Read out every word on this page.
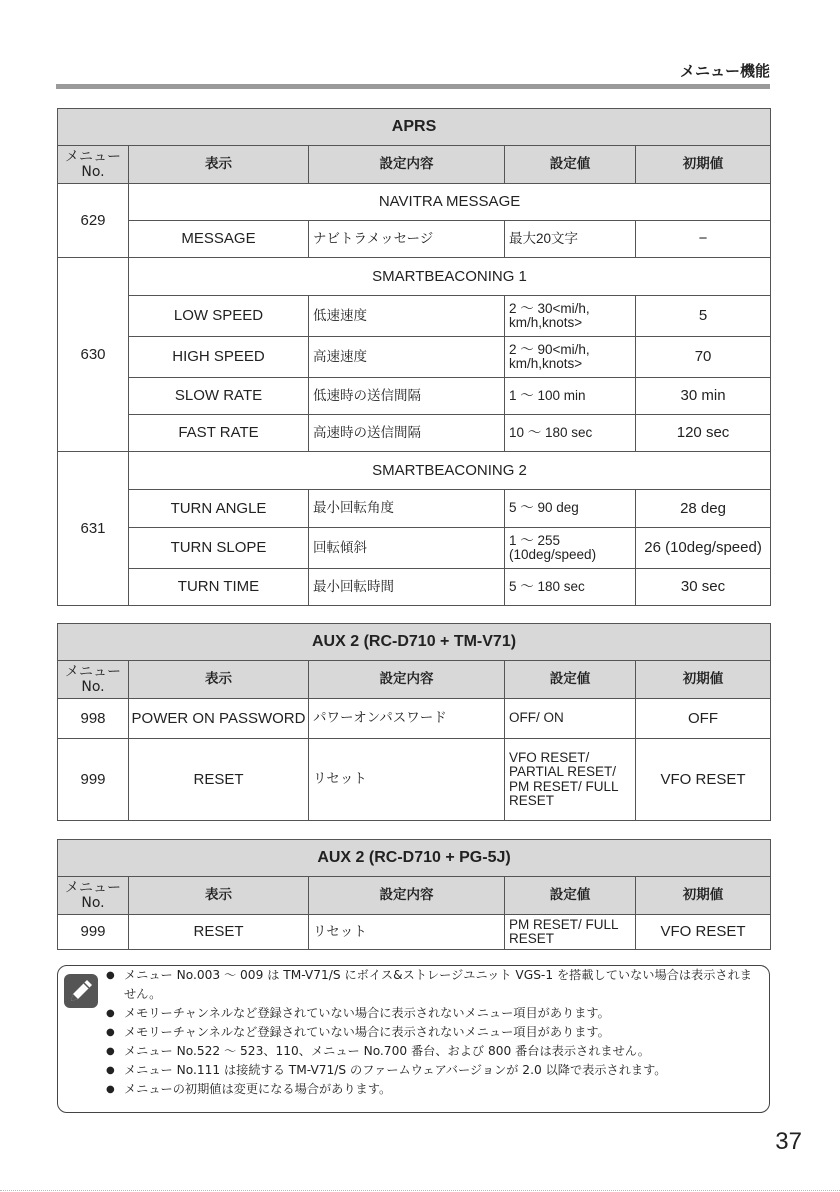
メニュー機能
APRS				
メニュー No.	表示	設定内容	設定値	初期値
629	NAVITRA MESSAGE			
	MESSAGE	ナビトラメッセージ	最大20文字	−
630	SMARTBEACONING 1			
	LOW SPEED	低速速度	2 ～ 30<mi/h, km/h,knots>	5
	HIGH SPEED	高速速度	2 ～ 90<mi/h, km/h,knots>	70
	SLOW RATE	低速時の送信間隔	1 ～ 100 min	30 min
	FAST RATE	高速時の送信間隔	10 ～ 180 sec	120 sec
631	SMARTBEACONING 2			
	TURN ANGLE	最小回転角度	5 ～ 90 deg	28 deg
	TURN SLOPE	回転傾斜	1 ～ 255 (10deg/speed)	26 (10deg/speed)
	TURN TIME	最小回転時間	5 ～ 180 sec	30 sec
AUX 2 (RC-D710 + TM-V71)				
メニュー No.	表示	設定内容	設定値	初期値
998	POWER ON PASSWORD	パワーオンパスワード	OFF/ ON	OFF
999	RESET	リセット	VFO RESET/ PARTIAL RESET/ PM RESET/ FULL RESET	VFO RESET
AUX 2 (RC-D710 + PG-5J)				
メニュー No.	表示	設定内容	設定値	初期値
999	RESET	リセット	PM RESET/ FULL RESET	VFO RESET
● メニュー No.003 ～ 009 は TM-V71/S にボイス&ストレージユニット VGS-1 を搭載していない場合は表示されません。
● メモリーチャンネルなど登録されていない場合に表示されないメニュー項目があります。
● メモリーチャンネルなど登録されていない場合に表示されないメニュー項目があります。
● メニュー No.522 ～ 523、110、メニュー No.700 番台、および 800 番台は表示されません。
● メニュー No.111 は接続する TM-V71/S のファームウェアバージョンが 2.0 以降で表示されます。
● メニューの初期値は変更になる場合があります。
37
